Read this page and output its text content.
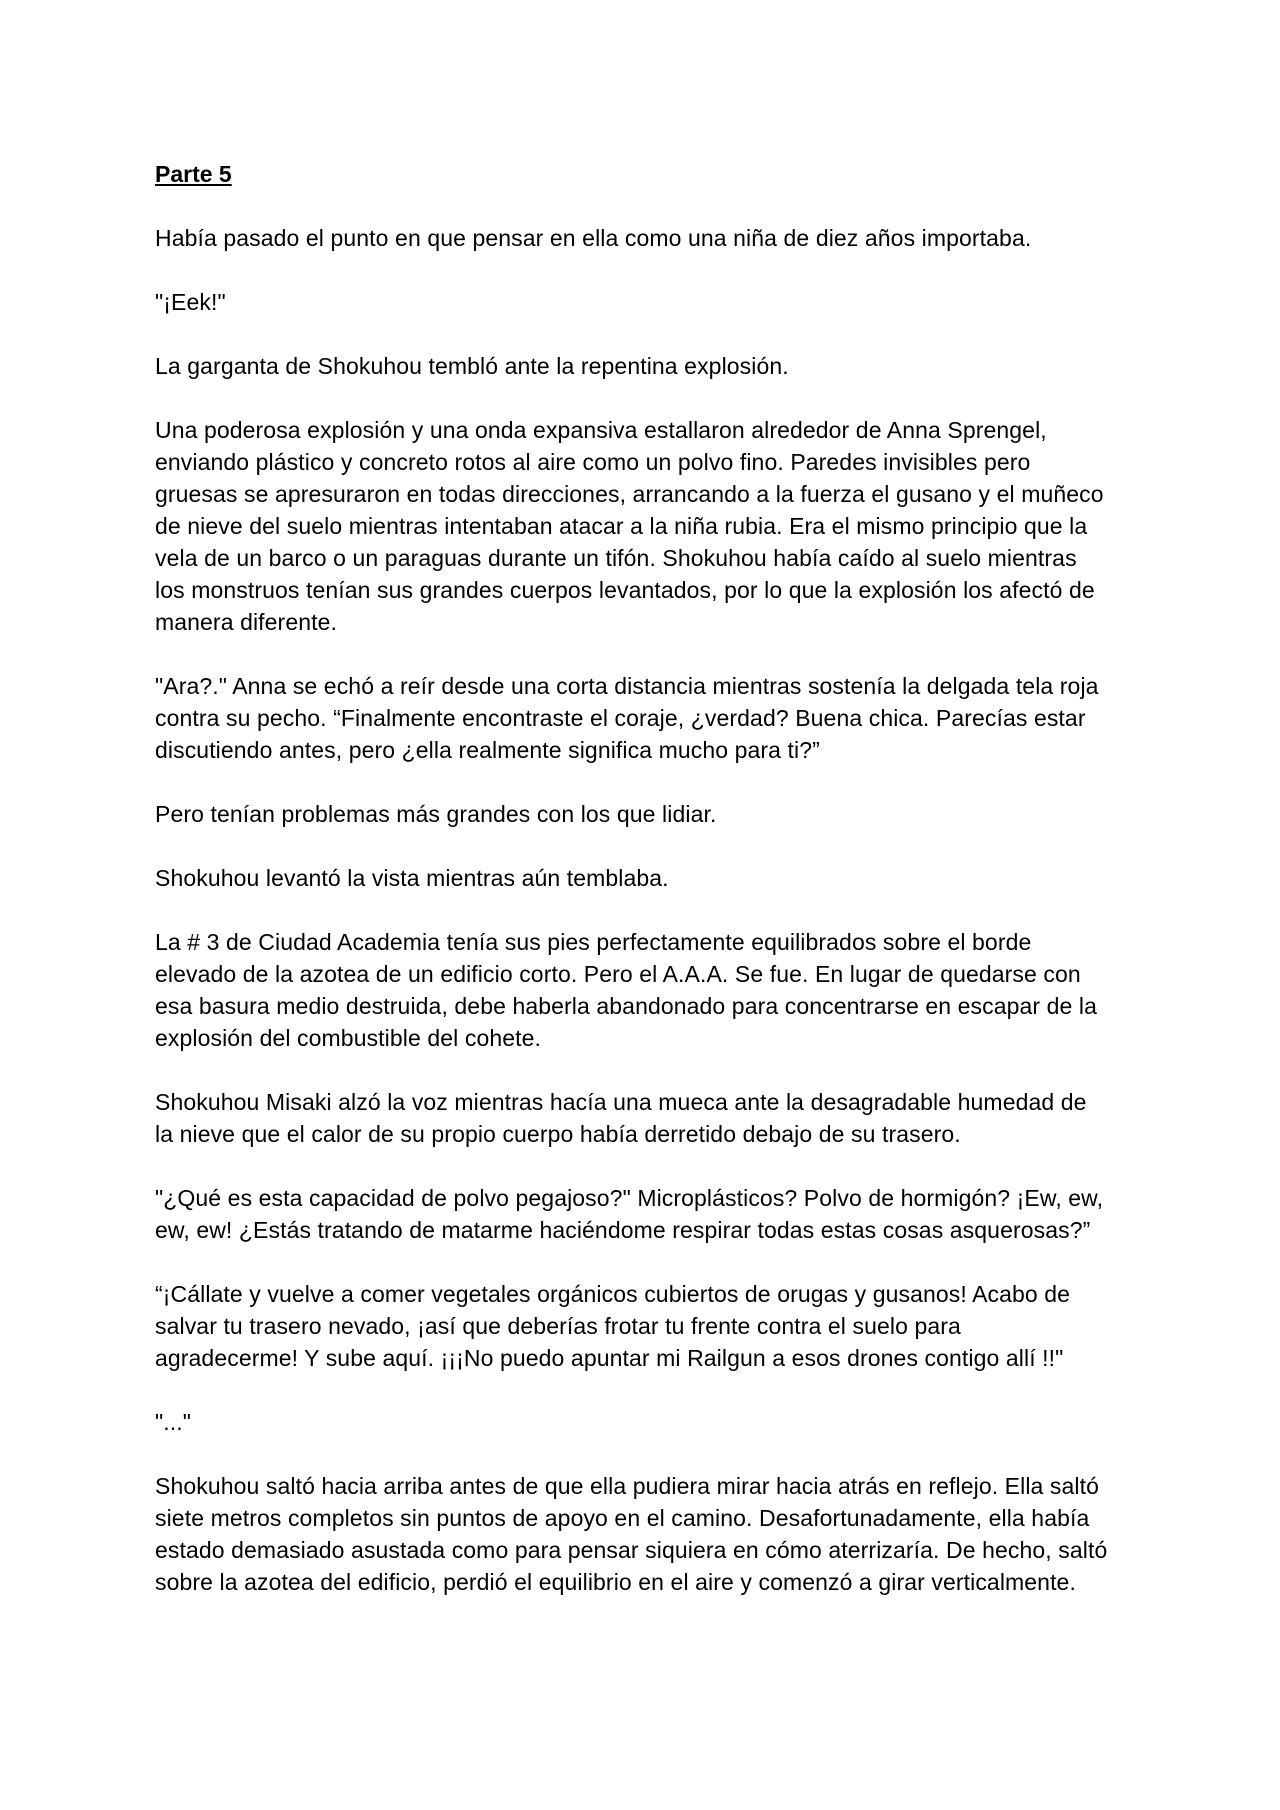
Parte 5
Había pasado el punto en que pensar en ella como una niña de diez años importaba.
"¡Eek!"
La garganta de Shokuhou tembló ante la repentina explosión.
Una poderosa explosión y una onda expansiva estallaron alrededor de Anna Sprengel,
enviando plástico y concreto rotos al aire como un polvo fino. Paredes invisibles pero
gruesas se apresuraron en todas direcciones, arrancando a la fuerza el gusano y el muñeco
de nieve del suelo mientras intentaban atacar a la niña rubia. Era el mismo principio que la
vela de un barco o un paraguas durante un tifón. Shokuhou había caído al suelo mientras
los monstruos tenían sus grandes cuerpos levantados, por lo que la explosión los afectó de
manera diferente.
"Ara?." Anna se echó a reír desde una corta distancia mientras sostenía la delgada tela roja
contra su pecho. “Finalmente encontraste el coraje, ¿verdad? Buena chica. Parecías estar
discutiendo antes, pero ¿ella realmente significa mucho para ti?”
Pero tenían problemas más grandes con los que lidiar.
Shokuhou levantó la vista mientras aún temblaba.
La # 3 de Ciudad Academia tenía sus pies perfectamente equilibrados sobre el borde
elevado de la azotea de un edificio corto. Pero el A.A.A. Se fue. En lugar de quedarse con
esa basura medio destruida, debe haberla abandonado para concentrarse en escapar de la
explosión del combustible del cohete.
Shokuhou Misaki alzó la voz mientras hacía una mueca ante la desagradable humedad de
la nieve que el calor de su propio cuerpo había derretido debajo de su trasero.
"¿Qué es esta capacidad de polvo pegajoso?" Microplásticos? Polvo de hormigón? ¡Ew, ew,
ew, ew! ¿Estás tratando de matarme haciéndome respirar todas estas cosas asquerosas?”
“¡Cállate y vuelve a comer vegetales orgánicos cubiertos de orugas y gusanos! Acabo de
salvar tu trasero nevado, ¡así que deberías frotar tu frente contra el suelo para
agradecerme! Y sube aquí. ¡¡¡No puedo apuntar mi Railgun a esos drones contigo allí !!"
"..."
Shokuhou saltó hacia arriba antes de que ella pudiera mirar hacia atrás en reflejo. Ella saltó
siete metros completos sin puntos de apoyo en el camino. Desafortunadamente, ella había
estado demasiado asustada como para pensar siquiera en cómo aterrizaría. De hecho, saltó
sobre la azotea del edificio, perdió el equilibrio en el aire y comenzó a girar verticalmente.
